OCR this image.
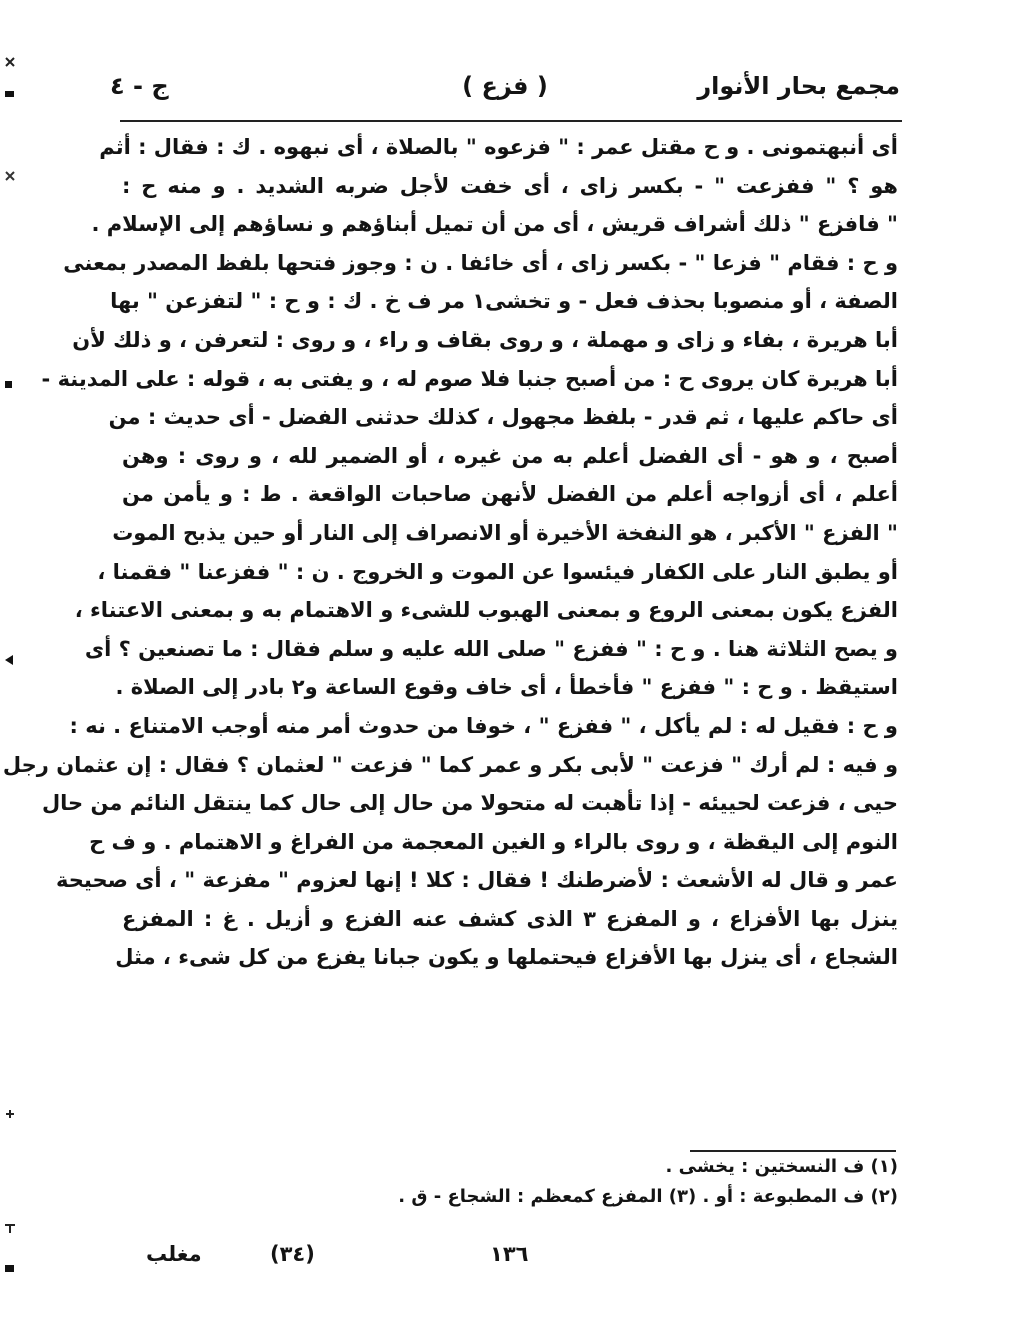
مجمع بحار الأنوار
( فزع )
ج - ٤
أى أنبهتمونى . و ح مقتل عمر : " فزعوه " بالصلاة ، أى نبهوه . ك : فقال : أثم
هو ؟ " ففزعت " - بكسر زاى ، أى خفت لأجل ضربه الشديد . و منه ح :
" فافزع " ذلك أشراف قريش ، أى من أن تميل أبناؤهم و نساؤهم إلى الإسلام .
و ح : فقام " فزعا " - بكسر زاى ، أى خائفا . ن : وجوز فتحها بلفظ المصدر بمعنى
الصفة ، أو منصوبا بحذف فعل - و تخشى١ مر ف خ . ك : و ح : " لتفزعن " بها
أبا هريرة ، بفاء و زاى و مهملة ، و روى بقاف و راء ، و روى : لتعرفن ، و ذلك لأن
أبا هريرة كان يروى ح : من أصبح جنبا فلا صوم له ، و يفتى به ، قوله : على المدينة -
أى حاكم عليها ، ثم قدر - بلفظ مجهول ، كذلك حدثنى الفضل - أى حديث : من
أصبح ، و هو - أى الفضل أعلم به من غيره ، أو الضمير لله ، و روى : وهن
أعلم ، أى أزواجه أعلم من الفضل لأنهن صاحبات الواقعة . ط : و يأمن من
" الفزع " الأكبر ، هو النفخة الأخيرة أو الانصراف إلى النار أو حين يذبح الموت
أو يطبق النار على الكفار فيئسوا عن الموت و الخروج . ن : " ففزعنا " فقمنا ،
الفزع يكون بمعنى الروع و بمعنى الهبوب للشىء و الاهتمام به و بمعنى الاعتناء ،
و يصح الثلاثة هنا . و ح : " ففزع " صلى الله عليه و سلم فقال : ما تصنعين ؟ أى
استيقظ . و ح : " ففزع " فأخطأ ، أى خاف وقوع الساعة و٢ بادر إلى الصلاة .
و ح : فقيل له : لم يأكل ، " ففزع " ، خوفا من حدوث أمر منه أوجب الامتناع . نه :
و فيه : لم أرك " فزعت " لأبى بكر و عمر كما " فزعت " لعثمان ؟ فقال : إن عثمان رجل
حيى ، فزعت لحييئه - إذا تأهبت له متحولا من حال إلى حال كما ينتقل النائم من حال
النوم إلى اليقظة ، و روى بالراء و الغين المعجمة من الفراغ و الاهتمام . و ف ح
عمر و قال له الأشعث : لأضرطنك ! فقال : كلا ! إنها لعزوم " مفزعة " ، أى صحيحة
ينزل بها الأفزاع ، و المفزع ٣ الذى كشف عنه الفزع و أزيل . غ : المفزع
الشجاع ، أى ينزل بها الأفزاع فيحتملها و يكون جبانا يفزع من كل شىء ، مثل
(١) ف النسختين : يخشى .
(٢) ف المطبوعة : أو . (٣) المفزع كمعظم : الشجاع - ق .
مغلب	(٣٤)	١٣٦
